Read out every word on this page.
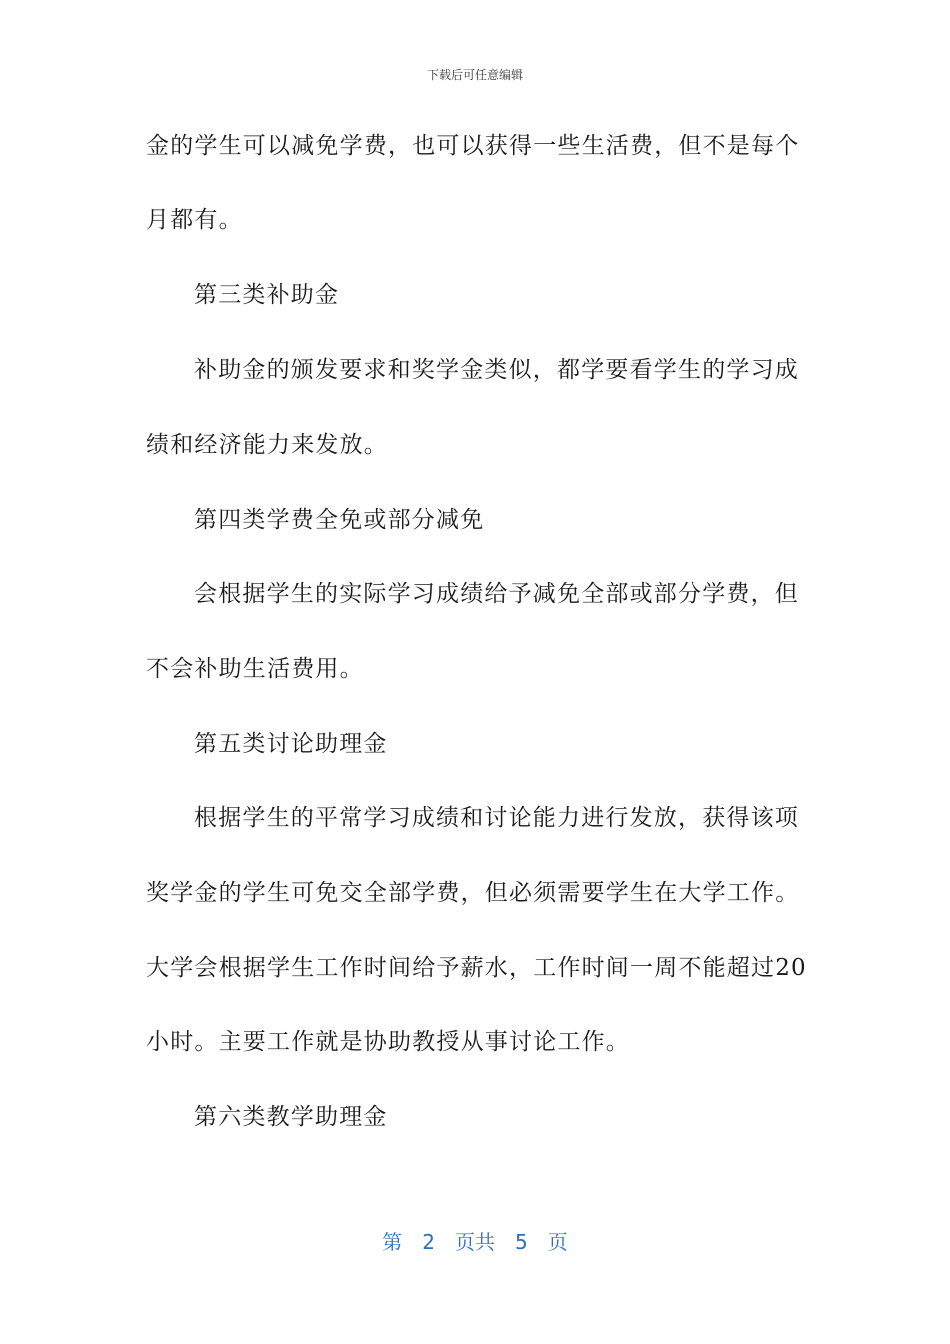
下载后可任意编辑
金的学生可以减免学费，也可以获得一些生活费，但不是每个
月都有。
第三类补助金
补助金的颁发要求和奖学金类似，都学要看学生的学习成
绩和经济能力来发放。
第四类学费全免或部分减免
会根据学生的实际学习成绩给予减免全部或部分学费，但
不会补助生活费用。
第五类讨论助理金
根据学生的平常学习成绩和讨论能力进行发放，获得该项
奖学金的学生可免交全部学费，但必须需要学生在大学工作。
大学会根据学生工作时间给予薪水，工作时间一周不能超过20
小时。主要工作就是协助教授从事讨论工作。
第六类教学助理金
第 2 页共 5 页
